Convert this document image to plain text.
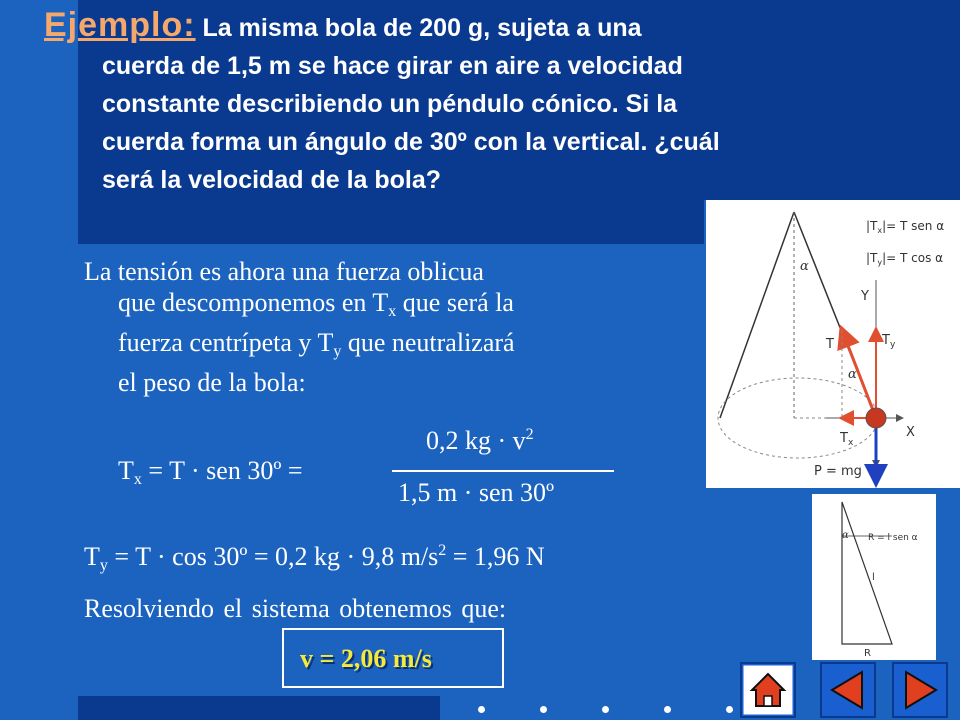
Ejemplo: La misma bola de 200 g, sujeta a una
cuerda de 1,5 m se hace girar en aire a velocidad
constante describiendo un péndulo cónico. Si la
cuerda forma un ángulo de 30º con la vertical. ¿cuál
será la velocidad de la bola?

La tensión es ahora una fuerza oblicua
que descomponemos en $T_x$ que será la
fuerza centrípeta y $T_y$ que neutralizará
el peso de la bola:

0,2 kg · $v^2$
1,5 m · sen 30º
$T_x = T$ · sen 30º =
$T_y = T \cdot \cos$ 30º = 0,2 kg · 9,8 $m/s^2 = 1,96$ N
Resolviendo el sistema obtenemos que:
v = 2,06 m/s
α
Y
X
α
T	$T_y$
$T_x$
P = mg
$|T_x|= T$ sen α
$|T_y|= T$ cos α
α R = l sen α
l
R
